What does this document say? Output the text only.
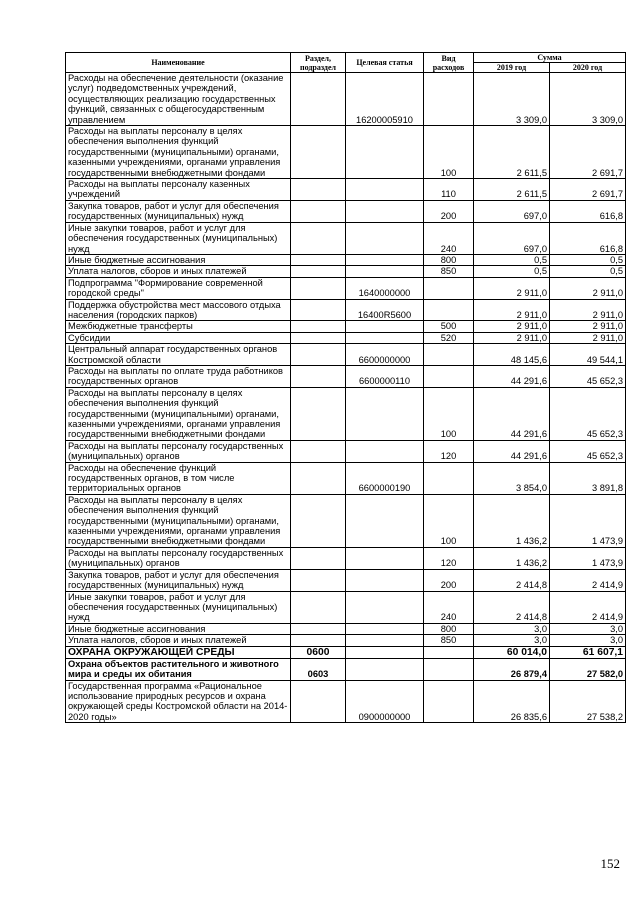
Наименование	Раздел, подраздел	Целевая статья	Вид расходов	Сумма	
				2019 год	2020 год
Расходы на обеспечение деятельности (оказание услуг) подведомственных учреждений, осуществляющих реализацию государственных функций, связанных с общегосударственным управлением		16200005910		3 309,0	3 309,0
Расходы на выплаты персоналу в целях обеспечения выполнения функций государственными (муниципальными) органами, казенными учреждениями, органами управления государственными внебюджетными фондами			100	2 611,5	2 691,7
Расходы на выплаты персоналу казенных учреждений			110	2 611,5	2 691,7
Закупка товаров, работ и услуг для обеспечения государственных (муниципальных) нужд			200	697,0	616,8
Иные закупки товаров, работ и услуг для обеспечения государственных (муниципальных) нужд			240	697,0	616,8
Иные бюджетные ассигнования			800	0,5	0,5
Уплата налогов, сборов и иных платежей			850	0,5	0,5
Подпрограмма "Формирование современной городской среды"		1640000000		2 911,0	2 911,0
Поддержка обустройства мест массового отдыха населения (городских парков)		16400R5600		2 911,0	2 911,0
Межбюджетные трансферты			500	2 911,0	2 911,0
Субсидии			520	2 911,0	2 911,0
Центральный аппарат государственных органов Костромской области		6600000000		48 145,6	49 544,1
Расходы на выплаты по оплате труда работников государственных органов		6600000110		44 291,6	45 652,3
Расходы на выплаты персоналу в целях обеспечения выполнения функций государственными (муниципальными) органами, казенными учреждениями, органами управления государственными внебюджетными фондами			100	44 291,6	45 652,3
Расходы на выплаты персоналу государственных (муниципальных) органов			120	44 291,6	45 652,3
Расходы на обеспечение функций государственных органов, в том числе территориальных органов		6600000190		3 854,0	3 891,8
Расходы на выплаты персоналу в целях обеспечения выполнения функций государственными (муниципальными) органами, казенными учреждениями, органами управления государственными внебюджетными фондами			100	1 436,2	1 473,9
Расходы на выплаты персоналу государственных (муниципальных) органов			120	1 436,2	1 473,9
Закупка товаров, работ и услуг для обеспечения государственных (муниципальных) нужд			200	2 414,8	2 414,9
Иные закупки товаров, работ и услуг для обеспечения государственных (муниципальных) нужд			240	2 414,8	2 414,9
Иные бюджетные ассигнования			800	3,0	3,0
Уплата налогов, сборов и иных платежей			850	3,0	3,0
ОХРАНА ОКРУЖАЮЩЕЙ СРЕДЫ	0600			60 014,0	61 607,1
Охрана объектов растительного и животного мира и среды их обитания	0603			26 879,4	27 582,0
Государственная программа «Рациональное использование природных ресурсов и охрана окружающей среды Костромской области на 2014-2020 годы»		0900000000		26 835,6	27 538,2
152
